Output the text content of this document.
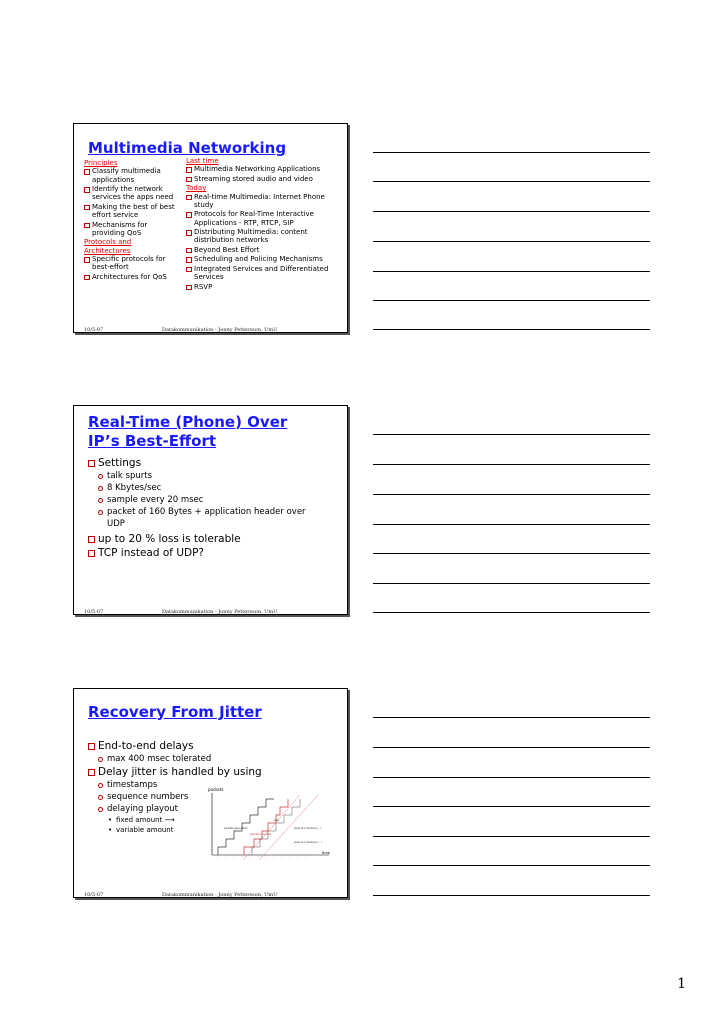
Multimedia Networking
Principles
Classify multimedia applications
Identify the network services the apps need
Making the best of best effort service
Mechanisms for providing QoS
Protocols and Architectures
Specific protocols for best-effort
Architectures for QoS
Last time
Multimedia Networking Applications
Streaming stored audio and video
Today
Real-time Multimedia: Internet Phone study
Protocols for Real-Time Interactive Applications - RTP, RTCP, SIP
Distributing Multimedia: content distribution networks
Beyond Best Effort
Scheduling and Policing Mechanisms
Integrated Services and Differentiated Services
RSVP
10/5-07	Datakommunikation - Jonny Pettersson, UmU
Real-Time (Phone) Over IP’s Best-Effort
Settings
talk spurts
8 Kbytes/sec
sample every 20 msec
packet of 160 Bytes + application header over UDP
up to 20 % loss is tolerable
TCP instead of UDP?
10/5-07	Datakommunikation - Jonny Pettersson, UmU
Recovery From Jitter
End-to-end delays
max 400 msec tolerated
Delay jitter is handled by using
timestamps
sequence numbers
delaying playout
• fixed amount ⟶
• variable amount
packets
time
packets generated
loss
packets received
playout schedule p - r
playout schedule p' - r
10/5-07	Datakommunikation - Jonny Pettersson, UmU
1
